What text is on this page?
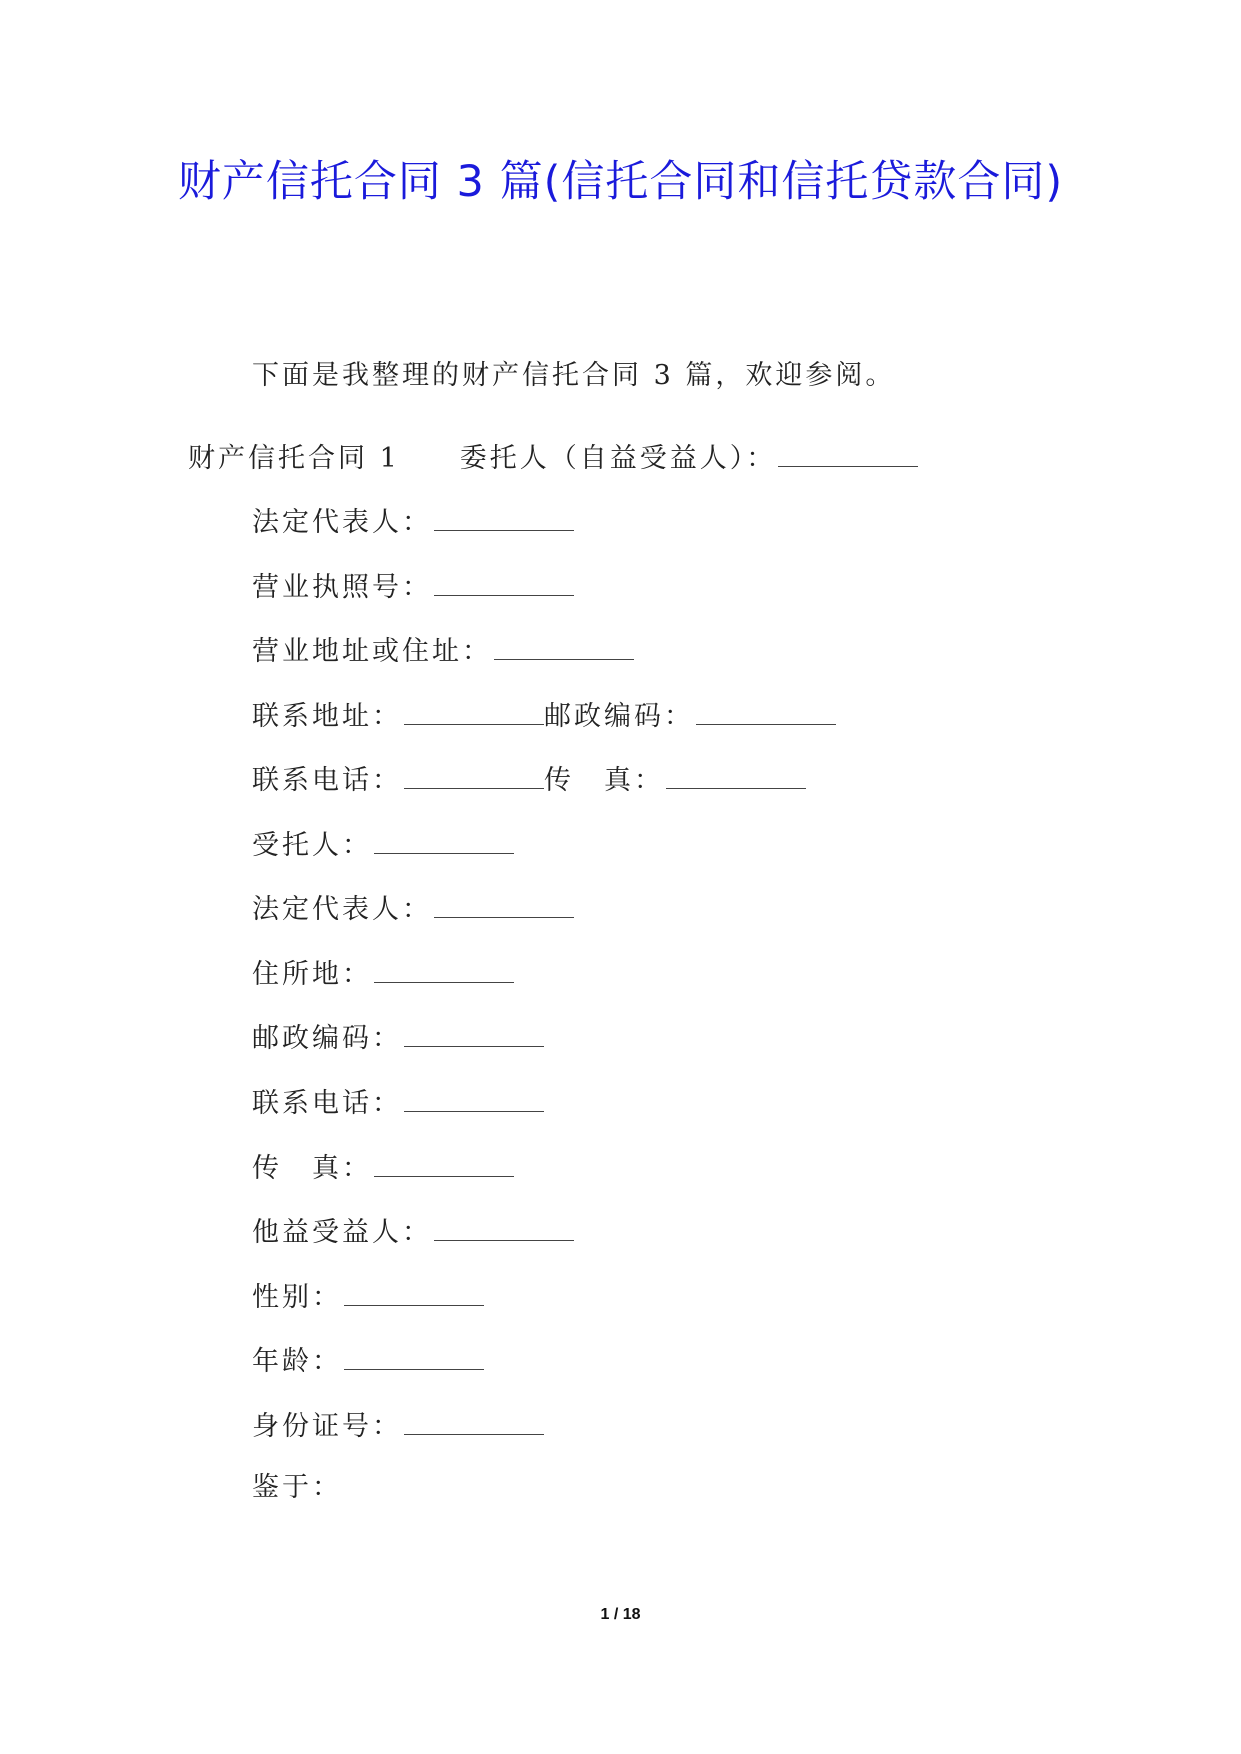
财产信托合同 3 篇(信托合同和信托贷款合同)
下面是我整理的财产信托合同 3 篇，欢迎参阅。
财产信托合同 1 委托人（自益受益人）：
法定代表人：
营业执照号：
营业地址或住址：
联系地址：	邮政编码：
联系电话：	传　真：
受托人：
法定代表人：
住所地：
邮政编码：
联系电话：
传　真：
他益受益人：
性别：
年龄：
身份证号：
鉴于：
1 / 18
